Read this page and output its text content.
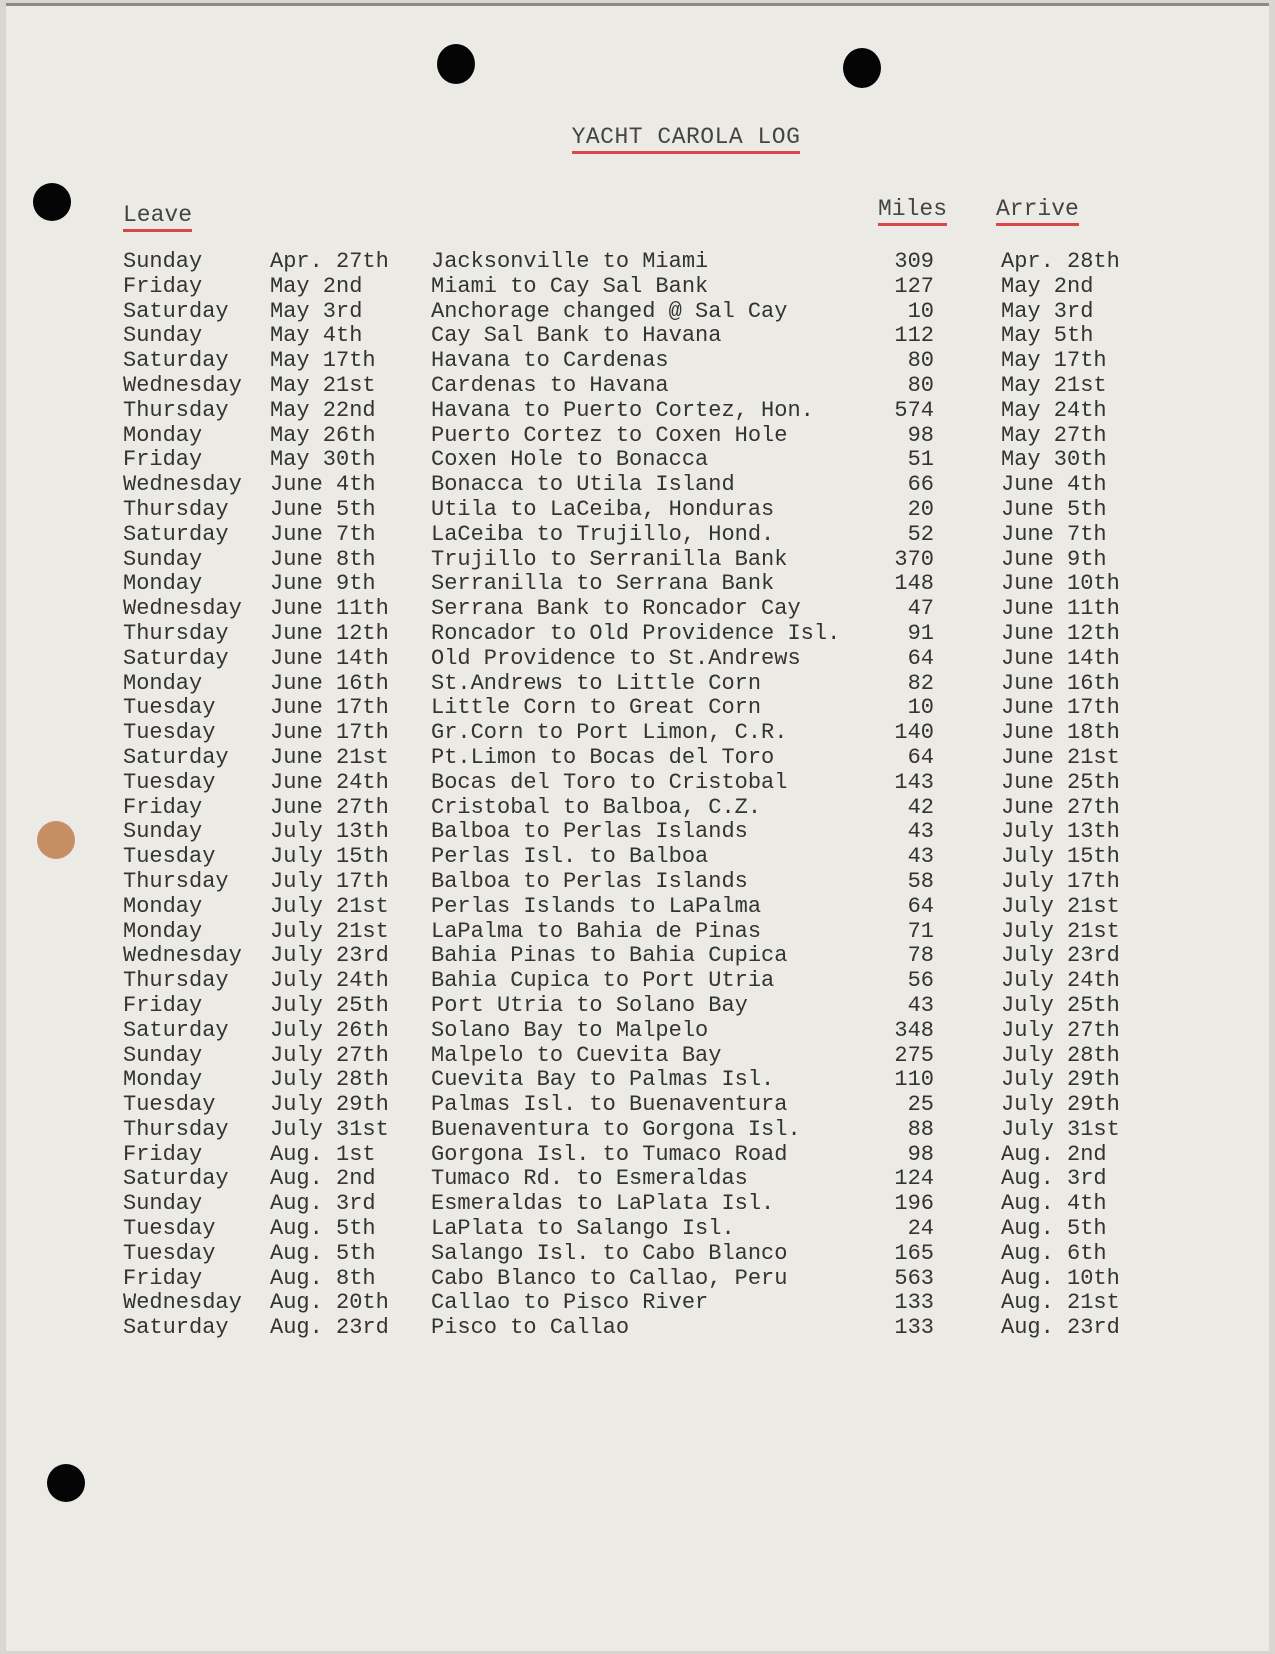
YACHT CAROLA LOG
Leave	Miles Arrive
Sunday	Apr. 27th Jacksonville to Miami	309	Apr. 28th
Friday	May 2nd	Miami to Cay Sal Bank	127	May 2nd
Saturday May 3rd	Anchorage changed @ Sal Cay	10	May 3rd
Sunday	May 4th	Cay Sal Bank to Havana	112	May 5th
Saturday May 17th	Havana to Cardenas	80	May 17th
Wednesday May 21st	Cardenas to Havana	80	May 21st
Thursday May 22nd	Havana to Puerto Cortez, Hon.	574	May 24th
Monday	May 26th	Puerto Cortez to Coxen Hole	98	May 27th
Friday	May 30th	Coxen Hole to Bonacca	51	May 30th
Wednesday June 4th	Bonacca to Utila Island	66	June 4th
Thursday June 5th	Utila to LaCeiba, Honduras	20	June 5th
Saturday June 7th	LaCeiba to Trujillo, Hond.	52	June 7th
Sunday	June 8th	Trujillo to Serranilla Bank	370	June 9th
Monday	June 9th	Serranilla to Serrana Bank	148	June 10th
Wednesday June 11th Serrana Bank to Roncador Cay	47	June 11th
Thursday June 12th Roncador to Old Providence Isl.	91	June 12th
Saturday June 14th Old Providence to St.Andrews	64	June 14th
Monday	June 16th St.Andrews to Little Corn	82	June 16th
Tuesday June 17th Little Corn to Great Corn	10	June 17th
Tuesday June 17th Gr.Corn to Port Limon, C.R.	140	June 18th
Saturday June 21st Pt.Limon to Bocas del Toro	64	June 21st
Tuesday June 24th Bocas del Toro to Cristobal	143	June 25th
Friday	June 27th Cristobal to Balboa, C.Z.	42	June 27th
Sunday	July 13th Balboa to Perlas Islands	43	July 13th
Tuesday July 15th Perlas Isl. to Balboa	43	July 15th
Thursday July 17th Balboa to Perlas Islands	58	July 17th
Monday	July 21st Perlas Islands to LaPalma	64	July 21st
Monday	July 21st LaPalma to Bahia de Pinas	71	July 21st
Wednesday July 23rd Bahia Pinas to Bahia Cupica	78	July 23rd
Thursday July 24th Bahia Cupica to Port Utria	56	July 24th
Friday	July 25th Port Utria to Solano Bay	43	July 25th
Saturday July 26th Solano Bay to Malpelo	348	July 27th
Sunday	July 27th Malpelo to Cuevita Bay	275	July 28th
Monday	July 28th Cuevita Bay to Palmas Isl.	110	July 29th
Tuesday July 29th Palmas Isl. to Buenaventura	25	July 29th
Thursday July 31st Buenaventura to Gorgona Isl.	88	July 31st
Friday	Aug. 1st	Gorgona Isl. to Tumaco Road	98	Aug. 2nd
Saturday Aug. 2nd	Tumaco Rd. to Esmeraldas	124	Aug. 3rd
Sunday	Aug. 3rd	Esmeraldas to LaPlata Isl.	196	Aug. 4th
Tuesday Aug. 5th	LaPlata to Salango Isl.	24	Aug. 5th
Tuesday Aug. 5th	Salango Isl. to Cabo Blanco	165	Aug. 6th
Friday	Aug. 8th	Cabo Blanco to Callao, Peru	563	Aug. 10th
Wednesday Aug. 20th Callao to Pisco River	133	Aug. 21st
Saturday Aug. 23rd Pisco to Callao	133	Aug. 23rd
